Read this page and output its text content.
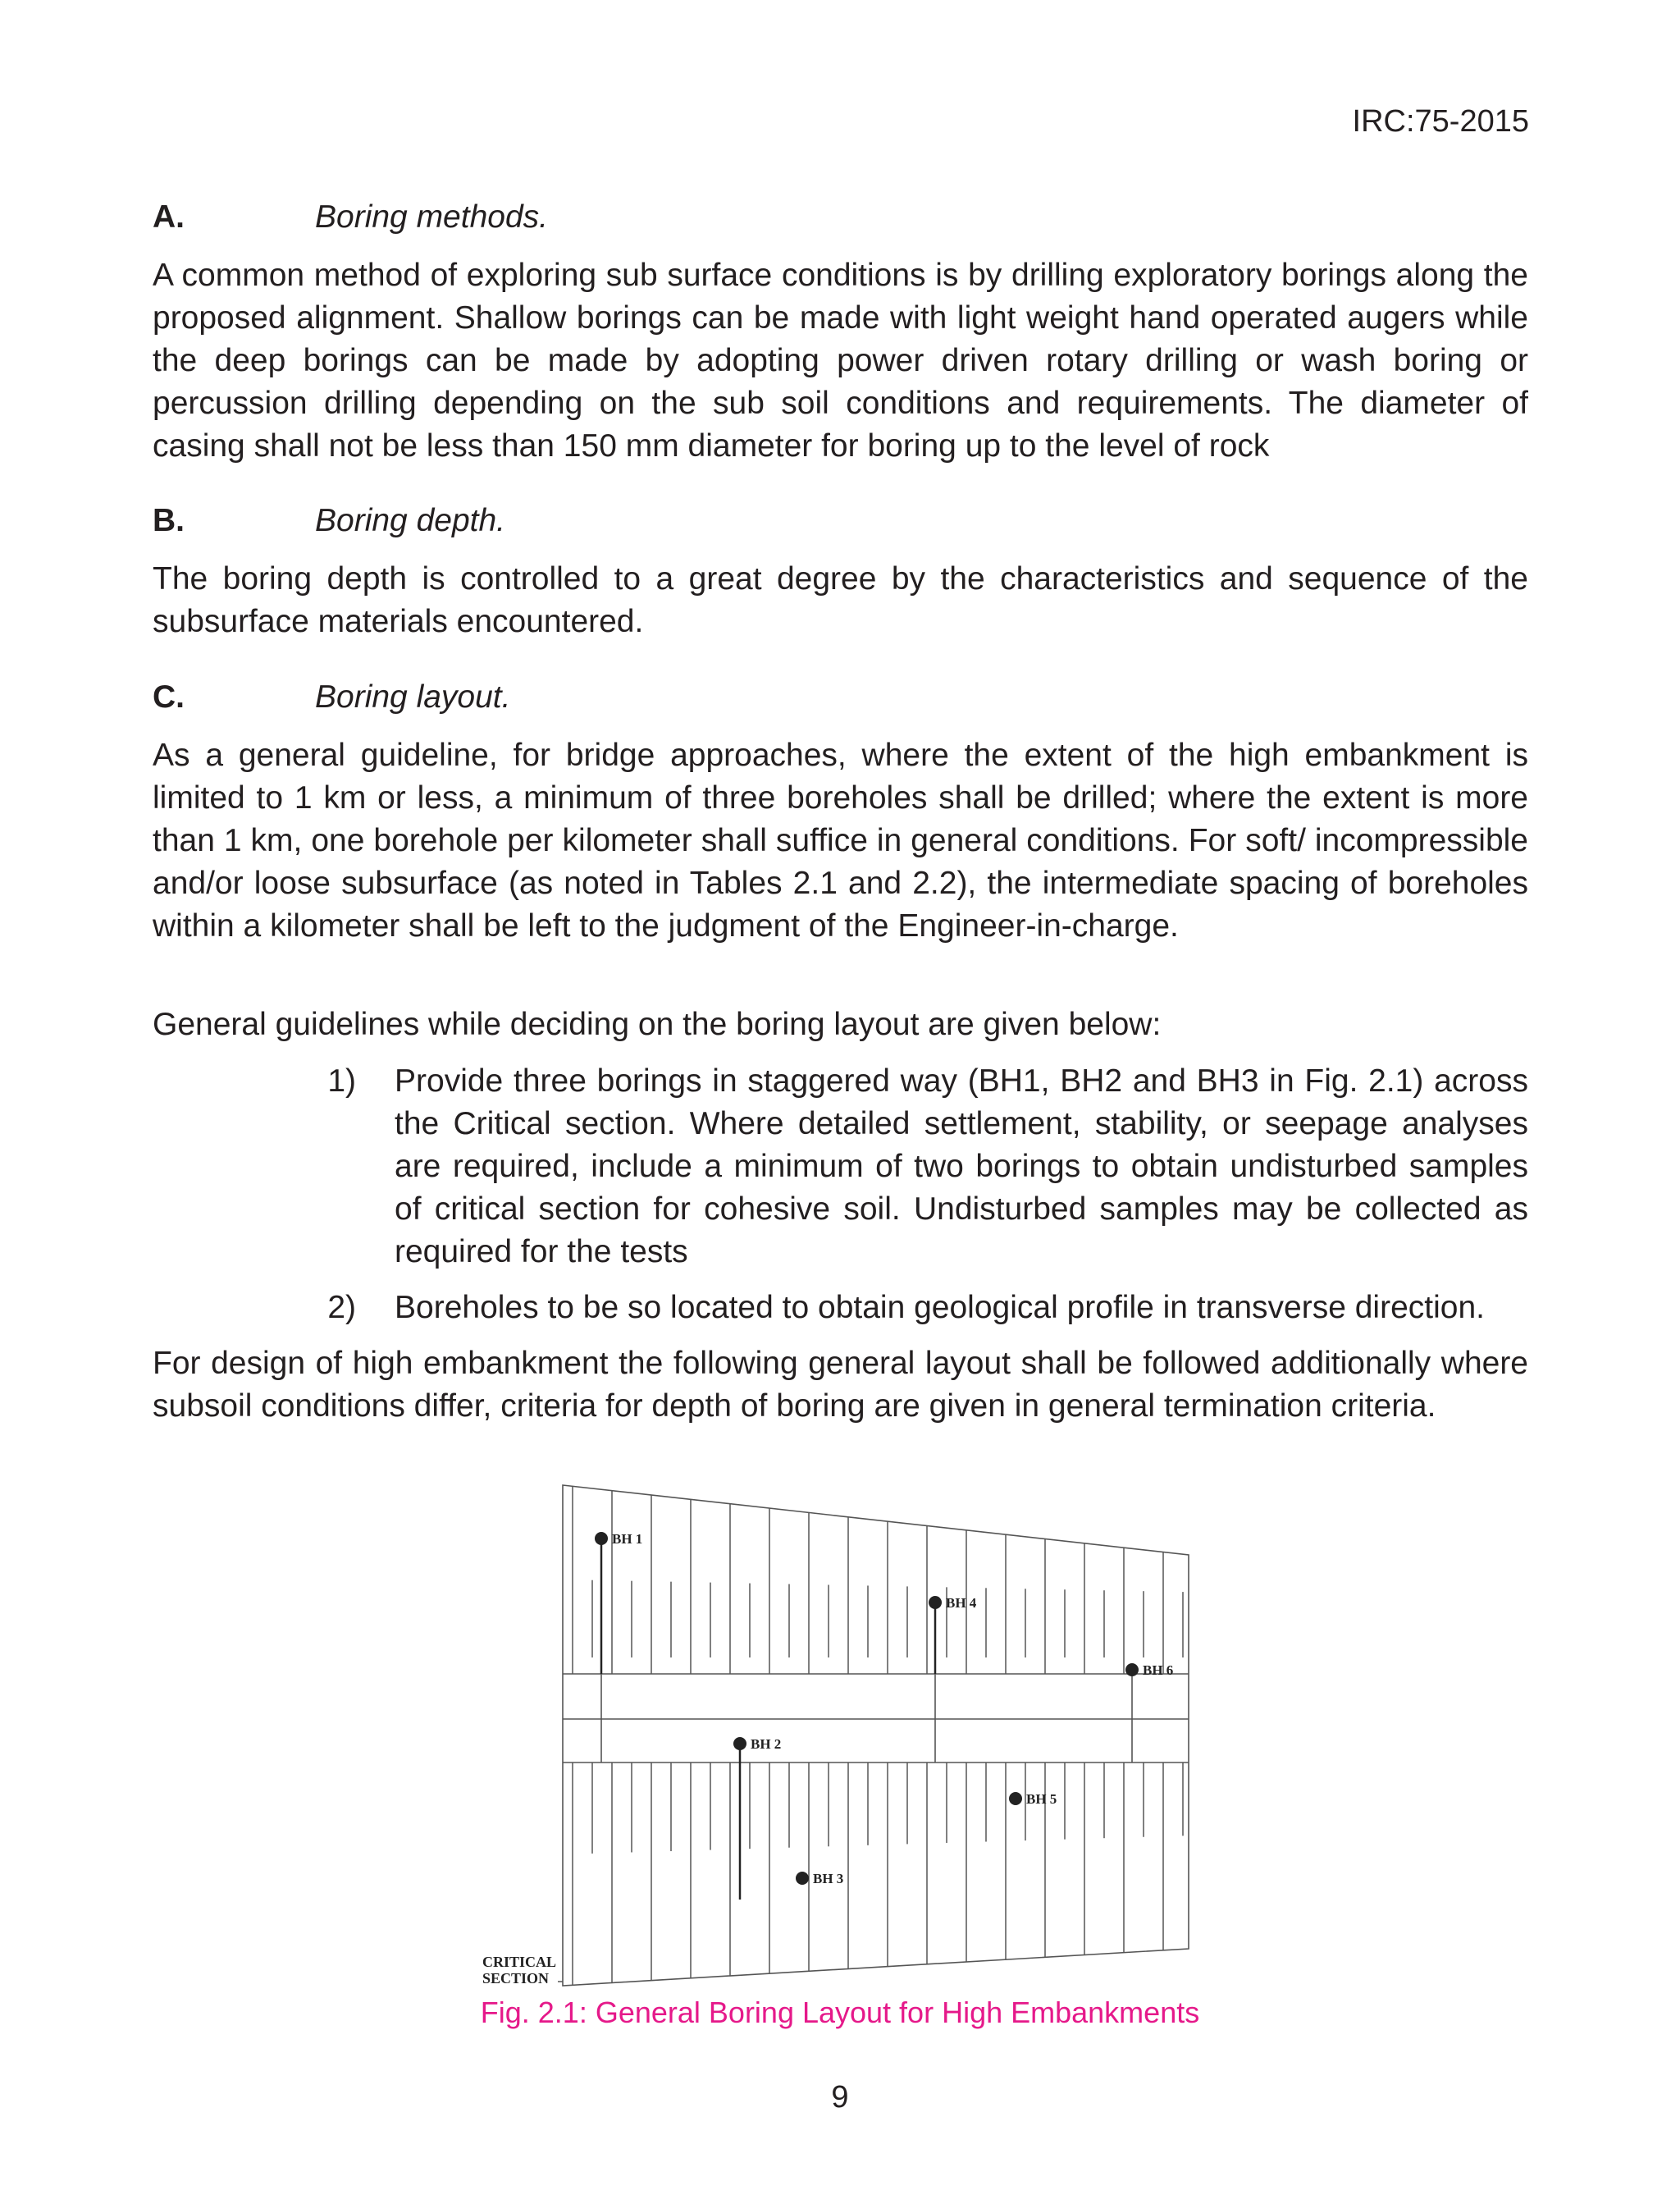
IRC:75-2015
A.	Boring methods.

A common method of exploring sub surface conditions is by drilling exploratory borings along the proposed alignment. Shallow borings can be made with light weight hand operated augers while the deep borings can be made by adopting power driven rotary drilling or wash boring or percussion drilling depending on the sub soil conditions and requirements. The diameter of casing shall not be less than 150 mm diameter for boring up to the level of rock

B.	Boring depth.

The boring depth is controlled to a great degree by the characteristics and sequence of the subsurface materials encountered.

C.	Boring layout.

As a general guideline, for bridge approaches, where the extent of the high embankment is limited to 1 km or less, a minimum of three boreholes shall be drilled; where the extent is more than 1 km, one borehole per kilometer shall suffice in general conditions. For soft/ incompressible and/or loose subsurface (as noted in Tables 2.1 and 2.2), the intermediate spacing of boreholes within a kilometer shall be left to the judgment of the Engineer-in-charge.

General guidelines while deciding on the boring layout are given below:

1)	Provide three borings in staggered way (BH1, BH2 and BH3 in Fig. 2.1) across the Critical section. Where detailed settlement, stability, or seepage analyses are required, include a minimum of two borings to obtain undisturbed samples of critical section for cohesive soil. Undisturbed samples may be collected as required for the tests
2)	Boreholes to be so located to obtain geological profile in transverse direction.

For design of high embankment the following general layout shall be followed additionally where subsoil conditions differ, criteria for depth of boring are given in general termination criteria.

BH 1
BH 2
BH 3
BH 4
BH 5
BH 6
CRITICAL
SECTION
Fig. 2.1: General Boring Layout for High Embankments
9
